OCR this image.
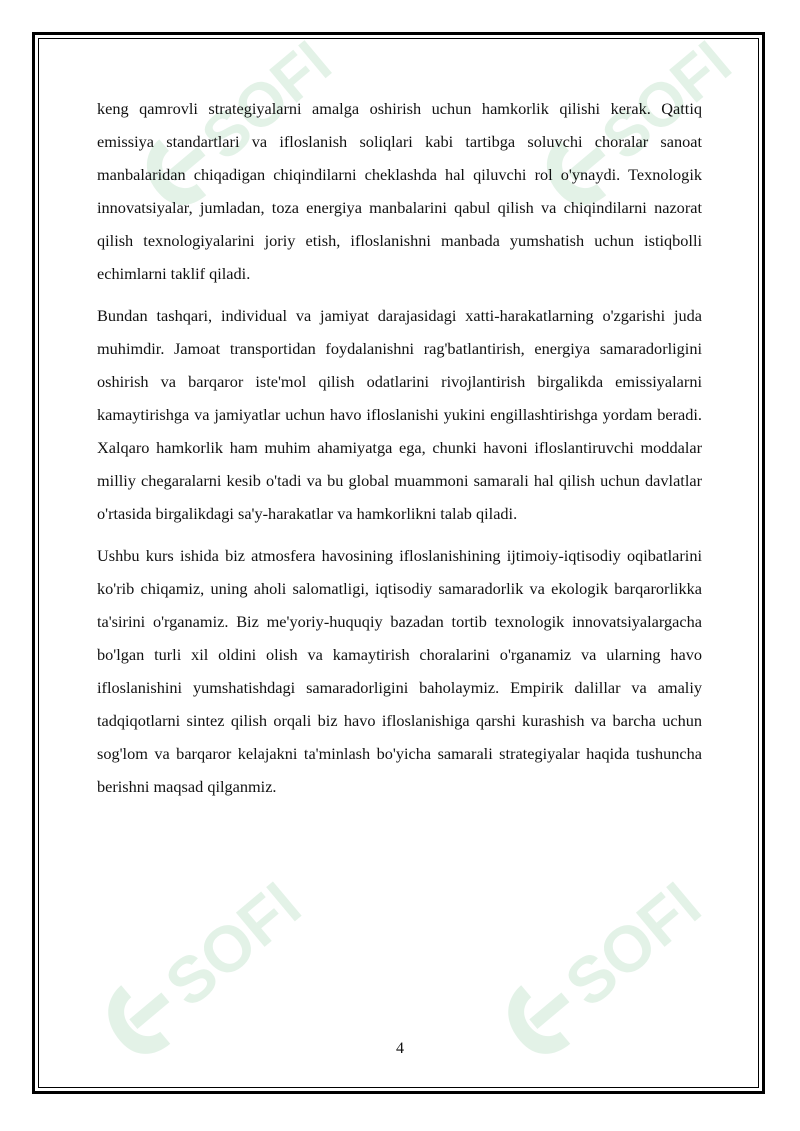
SOFF	SOFF
SOFF	SOFF

keng qamrovli strategiyalarni amalga oshirish uchun hamkorlik qilishi kerak. Qattiq emissiya standartlari va ifloslanish soliqlari kabi tartibga soluvchi choralar sanoat manbalaridan chiqadigan chiqindilarni cheklashda hal qiluvchi rol o'ynaydi. Texnologik innovatsiyalar, jumladan, toza energiya manbalarini qabul qilish va chiqindilarni nazorat qilish texnologiyalarini joriy etish, ifloslanishni manbada yumshatish uchun istiqbolli echimlarni taklif qiladi.

Bundan tashqari, individual va jamiyat darajasidagi xatti-harakatlarning o'zgarishi juda muhimdir. Jamoat transportidan foydalanishni rag'batlantirish, energiya samaradorligini oshirish va barqaror iste'mol qilish odatlarini rivojlantirish birgalikda emissiyalarni kamaytirishga va jamiyatlar uchun havo ifloslanishi yukini engillashtirishga yordam beradi. Xalqaro hamkorlik ham muhim ahamiyatga ega, chunki havoni ifloslantiruvchi moddalar milliy chegaralarni kesib o'tadi va bu global muammoni samarali hal qilish uchun davlatlar o'rtasida birgalikdagi sa'y-harakatlar va hamkorlikni talab qiladi.

Ushbu kurs ishida biz atmosfera havosining ifloslanishining ijtimoiy-iqtisodiy oqibatlarini ko'rib chiqamiz, uning aholi salomatligi, iqtisodiy samaradorlik va ekologik barqarorlikka ta'sirini o'rganamiz. Biz me'yoriy-huquqiy bazadan tortib texnologik innovatsiyalargacha bo'lgan turli xil oldini olish va kamaytirish choralarini o'rganamiz va ularning havo ifloslanishini yumshatishdagi samaradorligini baholaymiz. Empirik dalillar va amaliy tadqiqotlarni sintez qilish orqali biz havo ifloslanishiga qarshi kurashish va barcha uchun sog'lom va barqaror kelajakni ta'minlash bo'yicha samarali strategiyalar haqida tushuncha berishni maqsad qilganmiz.

4
